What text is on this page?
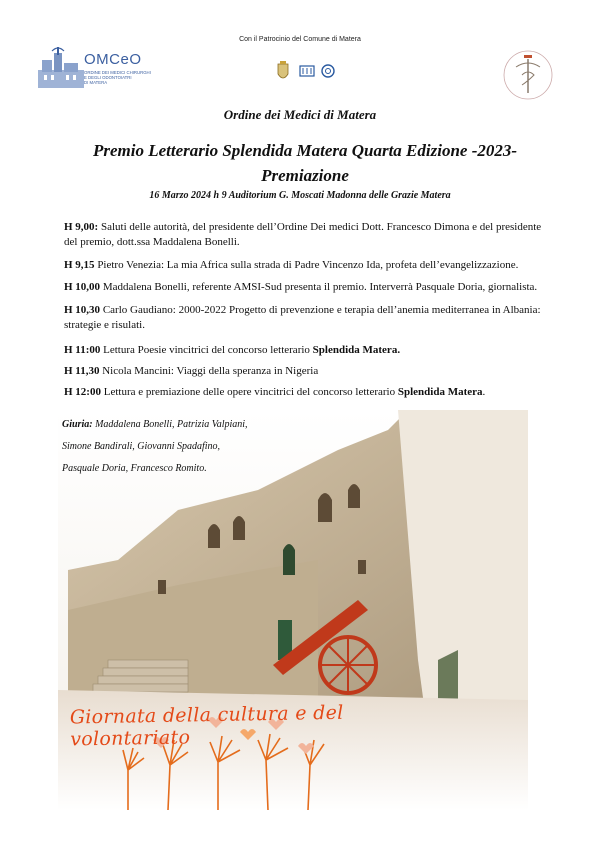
Con il Patrocinio del Comune di Matera
OMCeO
ORDINE DEI MEDICI CHIRURGHI
E DEGLI ODONTOIATRI
DI MATERA
Ordine dei Medici di Matera
Premio Letterario Splendida Matera Quarta Edizione -2023-
Premiazione
16 Marzo 2024 h 9 Auditorium G. Moscati Madonna delle Grazie Matera
H 9,00: Saluti delle autorità, del presidente dell’Ordine Dei medici Dott. Francesco Dimona e del presidente del premio, dott.ssa Maddalena Bonelli.
H 9,15 Pietro Venezia: La mia Africa sulla strada di Padre Vincenzo Ida, profeta dell’evangelizzazione.
H 10,00 Maddalena Bonelli, referente AMSI-Sud presenta il premio. Interverrà Pasquale Doria, giornalista.
H 10,30 Carlo Gaudiano: 2000-2022 Progetto di prevenzione e terapia dell’anemia mediterranea in Albania: strategie e risulati.
H 11:00 Lettura Poesie vincitrici del concorso letterario Splendida Matera.
H 11,30 Nicola Mancini: Viaggi della speranza in Nigeria
H 12:00 Lettura e premiazione delle opere vincitrici del concorso letterario Splendida Matera.
Giuria: Maddalena Bonelli, Patrizia Valpiani,
Simone Bandirali, Giovanni Spadafino,
Pasquale Doria, Francesco Romito.
Giornata della cultura e del volontariato
